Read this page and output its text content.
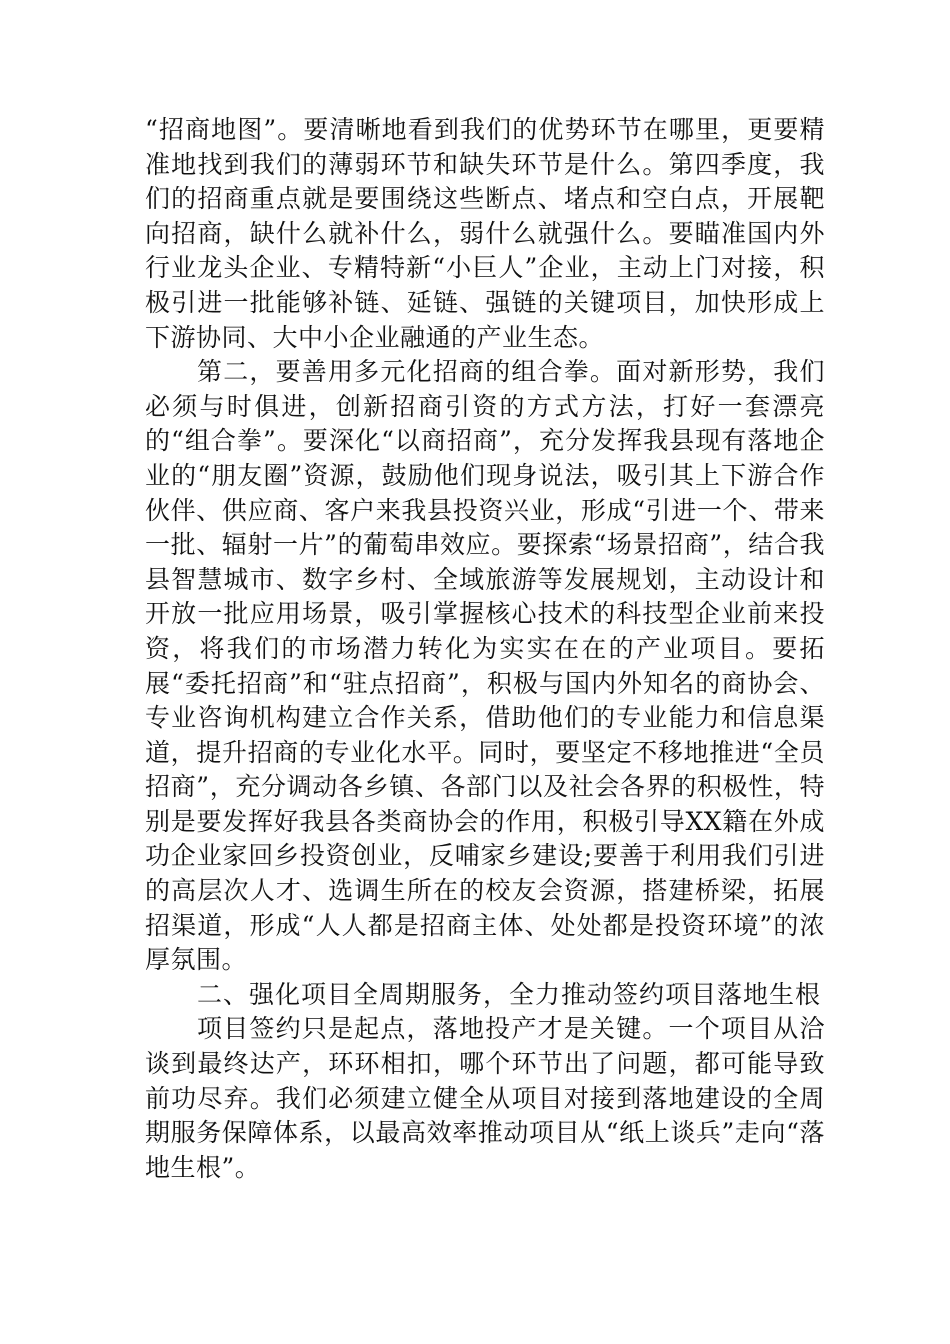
“招商地图”。要清晰地看到我们的优势环节在哪里，更要精准地找到我们的薄弱环节和缺失环节是什么。第四季度，我们的招商重点就是要围绕这些断点、堵点和空白点，开展靶向招商，缺什么就补什么，弱什么就强什么。要瞄准国内外行业龙头企业、专精特新“小巨人”企业，主动上门对接，积极引进一批能够补链、延链、强链的关键项目，加快形成上下游协同、大中小企业融通的产业生态。

第二，要善用多元化招商的组合拳。面对新形势，我们必须与时俱进，创新招商引资的方式方法，打好一套漂亮的“组合拳”。要深化“以商招商”，充分发挥我县现有落地企业的“朋友圈”资源，鼓励他们现身说法，吸引其上下游合作伙伴、供应商、客户来我县投资兴业，形成“引进一个、带来一批、辐射一片”的葡萄串效应。要探索“场景招商”，结合我县智慧城市、数字乡村、全域旅游等发展规划，主动设计和开放一批应用场景，吸引掌握核心技术的科技型企业前来投资，将我们的市场潜力转化为实实在在的产业项目。要拓展“委托招商”和“驻点招商”，积极与国内外知名的商协会、专业咨询机构建立合作关系，借助他们的专业能力和信息渠道，提升招商的专业化水平。同时，要坚定不移地推进“全员招商”，充分调动各乡镇、各部门以及社会各界的积极性，特别是要发挥好我县各类商协会的作用，积极引导XX籍在外成功企业家回乡投资创业，反哺家乡建设;要善于利用我们引进的高层次人才、选调生所在的校友会资源，搭建桥梁，拓展招渠道，形成“人人都是招商主体、处处都是投资环境”的浓厚氛围。

二、强化项目全周期服务，全力推动签约项目落地生根

项目签约只是起点，落地投产才是关键。一个项目从洽谈到最终达产，环环相扣，哪个环节出了问题，都可能导致前功尽弃。我们必须建立健全从项目对接到落地建设的全周期服务保障体系，以最高效率推动项目从“纸上谈兵”走向“落地生根”。
